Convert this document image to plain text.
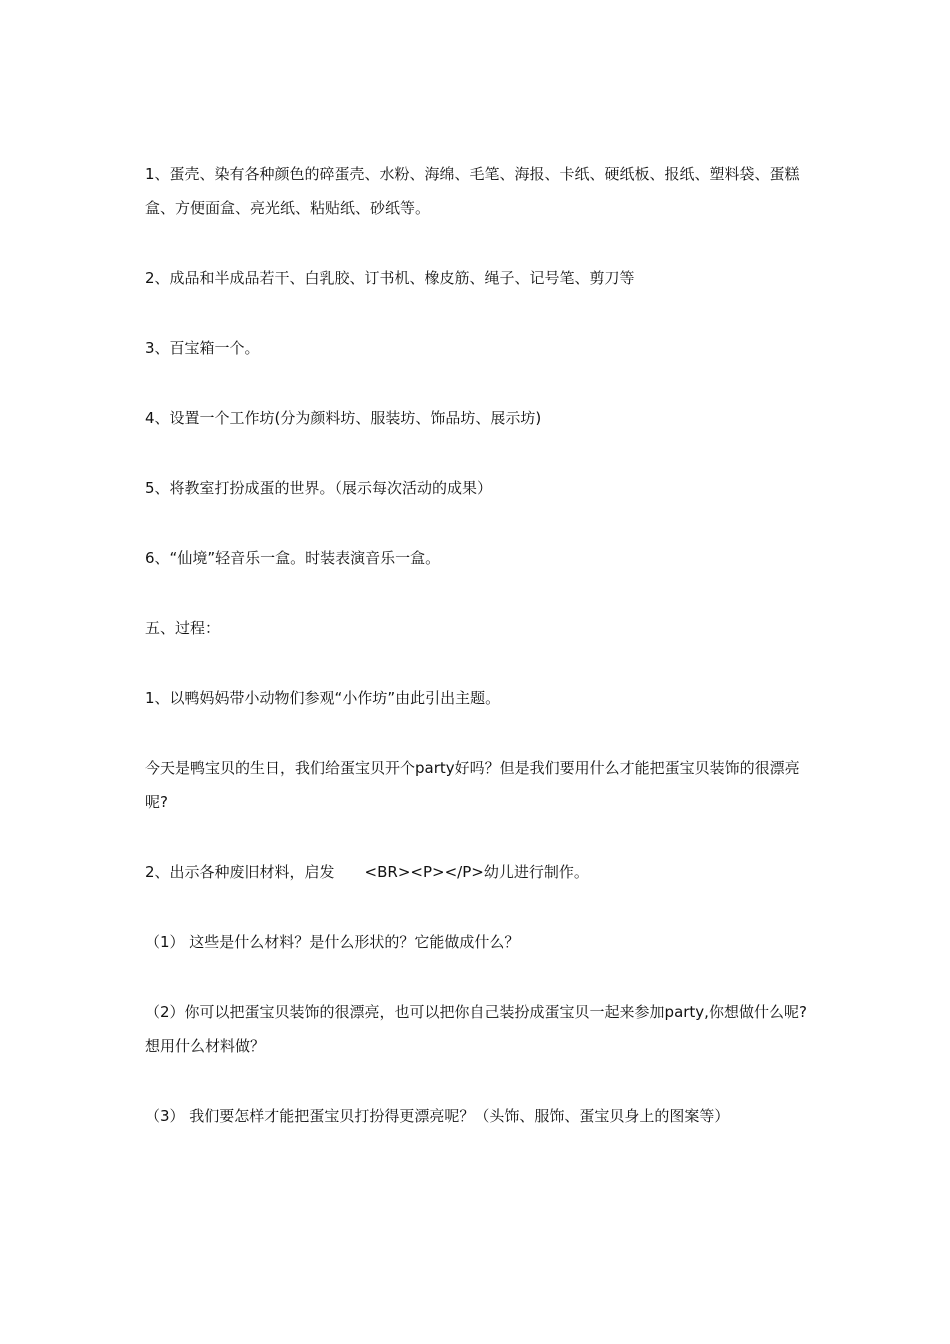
1、蛋壳、染有各种颜色的碎蛋壳、水粉、海绵、毛笔、海报、卡纸、硬纸板、报纸、塑料袋、蛋糕盒、方便面盒、亮光纸、粘贴纸、砂纸等。

2、成品和半成品若干、白乳胶、订书机、橡皮筋、绳子、记号笔、剪刀等

3、百宝箱一个。

4、设置一个工作坊(分为颜料坊、服装坊、饰品坊、展示坊)

5、将教室打扮成蛋的世界。（展示每次活动的成果）

6、“仙境”轻音乐一盒。时装表演音乐一盒。

五、过程：

1、以鸭妈妈带小动物们参观“小作坊”由此引出主题。

今天是鸭宝贝的生日，我们给蛋宝贝开个party好吗？但是我们要用什么才能把蛋宝贝装饰的很漂亮呢?

2、出示各种废旧材料，启发　　<BR><P></P>幼儿进行制作。

（1） 这些是什么材料？是什么形状的？它能做成什么？

（2）你可以把蛋宝贝装饰的很漂亮，也可以把你自己装扮成蛋宝贝一起来参加party,你想做什么呢?想用什么材料做？

（3） 我们要怎样才能把蛋宝贝打扮得更漂亮呢？（头饰、服饰、蛋宝贝身上的图案等）
